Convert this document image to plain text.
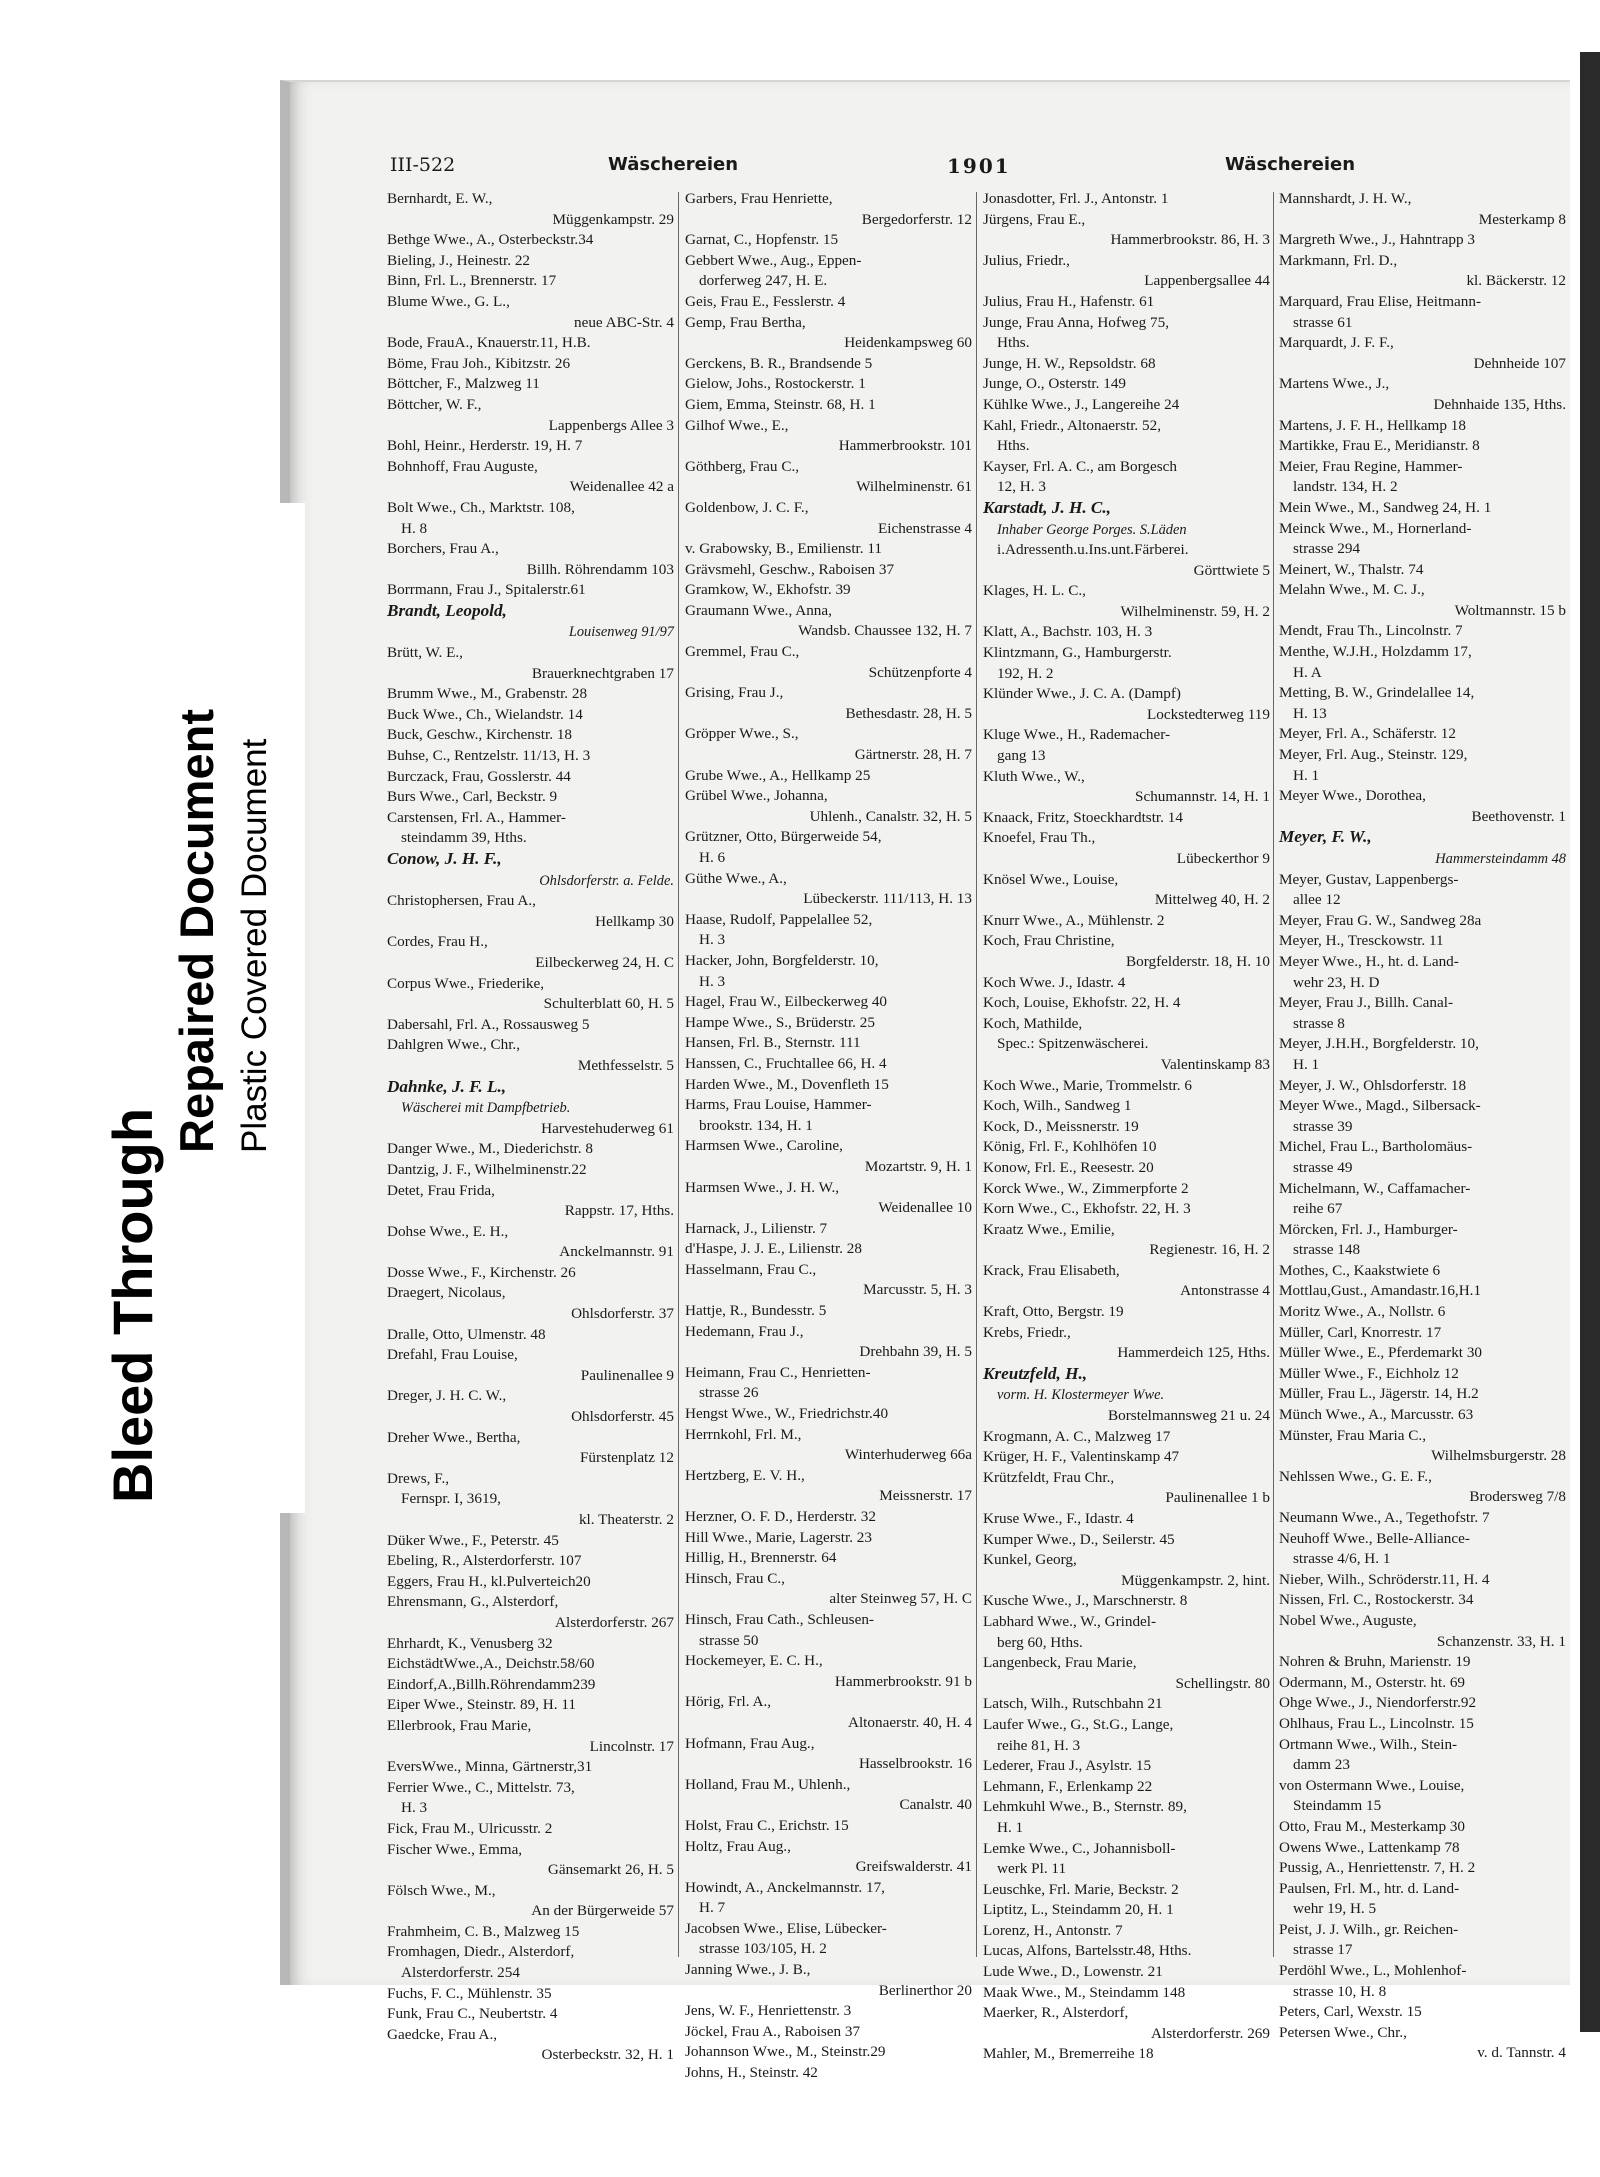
III-522	Wäschereien	1901	Wäschereien
Bernhardt, E. W.,
Müggenkampstr. 29
Bethge Wwe., A., Osterbeckstr.34
Bieling, J., Heinestr. 22
Binn, Frl. L., Brennerstr. 17
Blume Wwe., G. L.,
neue ABC-Str. 4
Bode, FrauA., Knauerstr.11, H.B.
Böme, Frau Joh., Kibitzstr. 26
Böttcher, F., Malzweg 11
Böttcher, W. F.,
Lappenbergs Allee 3
Bohl, Heinr., Herderstr. 19, H. 7
Bohnhoff, Frau Auguste,
Weidenallee 42 a
Bolt Wwe., Ch., Marktstr. 108,
H. 8
Borchers, Frau A.,
Billh. Röhrendamm 103
Borrmann, Frau J., Spitalerstr.61
Brandt, Leopold,
Louisenweg 91/97
Brütt, W. E.,
Brauerknechtgraben 17
Brumm Wwe., M., Grabenstr. 28
Buck Wwe., Ch., Wielandstr. 14
Buck, Geschw., Kirchenstr. 18
Buhse, C., Rentzelstr. 11/13, H. 3
Burczack, Frau, Gosslerstr. 44
Burs Wwe., Carl, Beckstr. 9
Carstensen, Frl. A., Hammer-
steindamm 39, Hths.
Conow, J. H. F.,
Ohlsdorferstr. a. Felde.
Christophersen, Frau A.,
Hellkamp 30
Cordes, Frau H.,
Eilbeckerweg 24, H. C
Corpus Wwe., Friederike,
Schulterblatt 60, H. 5
Dabersahl, Frl. A., Rossausweg 5
Dahlgren Wwe., Chr.,
Methfesselstr. 5
Dahnke, J. F. L.,
Wäscherei mit Dampfbetrieb.
Harvestehuderweg 61
Danger Wwe., M., Diederichstr. 8
Dantzig, J. F., Wilhelminenstr.22
Detet, Frau Frida,
Rappstr. 17, Hths.
Dohse Wwe., E. H.,
Anckelmannstr. 91
Dosse Wwe., F., Kirchenstr. 26
Draegert, Nicolaus,
Ohlsdorferstr. 37
Dralle, Otto, Ulmenstr. 48
Drefahl, Frau Louise,
Paulinenallee 9
Dreger, J. H. C. W.,
Ohlsdorferstr. 45
Dreher Wwe., Bertha,
Fürstenplatz 12
Drews, F.,
Fernspr. I, 3619,
kl. Theaterstr. 2
Düker Wwe., F., Peterstr. 45
Ebeling, R., Alsterdorferstr. 107
Eggers, Frau H., kl.Pulverteich20
Ehrensmann, G., Alsterdorf,
Alsterdorferstr. 267
Ehrhardt, K., Venusberg 32
EichstädtWwe.,A., Deichstr.58/60
Eindorf,A.,Billh.Röhrendamm239
Eiper Wwe., Steinstr. 89, H. 11
Ellerbrook, Frau Marie,
Lincolnstr. 17
EversWwe., Minna, Gärtnerstr,31
Ferrier Wwe., C., Mittelstr. 73,
H. 3
Fick, Frau M., Ulricusstr. 2
Fischer Wwe., Emma,
Gänsemarkt 26, H. 5
Fölsch Wwe., M.,
An der Bürgerweide 57
Frahmheim, C. B., Malzweg 15
Fromhagen, Diedr., Alsterdorf,
Alsterdorferstr. 254
Fuchs, F. C., Mühlenstr. 35
Funk, Frau C., Neubertstr. 4
Gaedcke, Frau A.,
Osterbeckstr. 32, H. 1
Garbers, Frau Henriette,
Bergedorferstr. 12
Garnat, C., Hopfenstr. 15
Gebbert Wwe., Aug., Eppen-
dorferweg 247, H. E.
Geis, Frau E., Fesslerstr. 4
Gemp, Frau Bertha,
Heidenkampsweg 60
Gerckens, B. R., Brandsende 5
Gielow, Johs., Rostockerstr. 1
Giem, Emma, Steinstr. 68, H. 1
Gilhof Wwe., E.,
Hammerbrookstr. 101
Göthberg, Frau C.,
Wilhelminenstr. 61
Goldenbow, J. C. F.,
Eichenstrasse 4
v. Grabowsky, B., Emilienstr. 11
Grävsmehl, Geschw., Raboisen 37
Gramkow, W., Ekhofstr. 39
Graumann Wwe., Anna,
Wandsb. Chaussee 132, H. 7
Gremmel, Frau C.,
Schützenpforte 4
Grising, Frau J.,
Bethesdastr. 28, H. 5
Gröpper Wwe., S.,
Gärtnerstr. 28, H. 7
Grube Wwe., A., Hellkamp 25
Grübel Wwe., Johanna,
Uhlenh., Canalstr. 32, H. 5
Grützner, Otto, Bürgerweide 54,
H. 6
Güthe Wwe., A.,
Lübeckerstr. 111/113, H. 13
Haase, Rudolf, Pappelallee 52,
H. 3
Hacker, John, Borgfelderstr. 10,
H. 3
Hagel, Frau W., Eilbeckerweg 40
Hampe Wwe., S., Brüderstr. 25
Hansen, Frl. B., Sternstr. 111
Hanssen, C., Fruchtallee 66, H. 4
Harden Wwe., M., Dovenfleth 15
Harms, Frau Louise, Hammer-
brookstr. 134, H. 1
Harmsen Wwe., Caroline,
Mozartstr. 9, H. 1
Harmsen Wwe., J. H. W.,
Weidenallee 10
Harnack, J., Lilienstr. 7
d'Haspe, J. J. E., Lilienstr. 28
Hasselmann, Frau C.,
Marcusstr. 5, H. 3
Hattje, R., Bundesstr. 5
Hedemann, Frau J.,
Drehbahn 39, H. 5
Heimann, Frau C., Henrietten-
strasse 26
Hengst Wwe., W., Friedrichstr.40
Herrnkohl, Frl. M.,
Winterhuderweg 66a
Hertzberg, E. V. H.,
Meissnerstr. 17
Herzner, O. F. D., Herderstr. 32
Hill Wwe., Marie, Lagerstr. 23
Hillig, H., Brennerstr. 64
Hinsch, Frau C.,
alter Steinweg 57, H. C
Hinsch, Frau Cath., Schleusen-
strasse 50
Hockemeyer, E. C. H.,
Hammerbrookstr. 91 b
Hörig, Frl. A.,
Altonaerstr. 40, H. 4
Hofmann, Frau Aug.,
Hasselbrookstr. 16
Holland, Frau M., Uhlenh.,
Canalstr. 40
Holst, Frau C., Erichstr. 15
Holtz, Frau Aug.,
Greifswalderstr. 41
Howindt, A., Anckelmannstr. 17,
H. 7
Jacobsen Wwe., Elise, Lübecker-
strasse 103/105, H. 2
Janning Wwe., J. B.,
Berlinerthor 20
Jens, W. F., Henriettenstr. 3
Jöckel, Frau A., Raboisen 37
Johannson Wwe., M., Steinstr.29
Johns, H., Steinstr. 42
Jonasdotter, Frl. J., Antonstr. 1
Jürgens, Frau E.,
Hammerbrookstr. 86, H. 3
Julius, Friedr.,
Lappenbergsallee 44
Julius, Frau H., Hafenstr. 61
Junge, Frau Anna, Hofweg 75,
Hths.
Junge, H. W., Repsoldstr. 68
Junge, O., Osterstr. 149
Kühlke Wwe., J., Langereihe 24
Kahl, Friedr., Altonaerstr. 52,
Hths.
Kayser, Frl. A. C., am Borgesch
12, H. 3
Karstadt, J. H. C.,
Inhaber George Porges. S.Läden
i.Adressenth.u.Ins.unt.Färberei.
Görttwiete 5
Klages, H. L. C.,
Wilhelminenstr. 59, H. 2
Klatt, A., Bachstr. 103, H. 3
Klintzmann, G., Hamburgerstr.
192, H. 2
Klünder Wwe., J. C. A. (Dampf)
Lockstedterweg 119
Kluge Wwe., H., Rademacher-
gang 13
Kluth Wwe., W.,
Schumannstr. 14, H. 1
Knaack, Fritz, Stoeckhardtstr. 14
Knoefel, Frau Th.,
Lübeckerthor 9
Knösel Wwe., Louise,
Mittelweg 40, H. 2
Knurr Wwe., A., Mühlenstr. 2
Koch, Frau Christine,
Borgfelderstr. 18, H. 10
Koch Wwe. J., Idastr. 4
Koch, Louise, Ekhofstr. 22, H. 4
Koch, Mathilde,
Spec.: Spitzenwäscherei.
Valentinskamp 83
Koch Wwe., Marie, Trommelstr. 6
Koch, Wilh., Sandweg 1
Kock, D., Meissnerstr. 19
König, Frl. F., Kohlhöfen 10
Konow, Frl. E., Reesestr. 20
Korck Wwe., W., Zimmerpforte 2
Korn Wwe., C., Ekhofstr. 22, H. 3
Kraatz Wwe., Emilie,
Regienestr. 16, H. 2
Krack, Frau Elisabeth,
Antonstrasse 4
Kraft, Otto, Bergstr. 19
Krebs, Friedr.,
Hammerdeich 125, Hths.
Kreutzfeld, H.,
vorm. H. Klostermeyer Wwe.
Borstelmannsweg 21 u. 24
Krogmann, A. C., Malzweg 17
Krüger, H. F., Valentinskamp 47
Krützfeldt, Frau Chr.,
Paulinenallee 1 b
Kruse Wwe., F., Idastr. 4
Kumper Wwe., D., Seilerstr. 45
Kunkel, Georg,
Müggenkampstr. 2, hint.
Kusche Wwe., J., Marschnerstr. 8
Labhard Wwe., W., Grindel-
berg 60, Hths.
Langenbeck, Frau Marie,
Schellingstr. 80
Latsch, Wilh., Rutschbahn 21
Laufer Wwe., G., St.G., Lange,
reihe 81, H. 3
Lederer, Frau J., Asylstr. 15
Lehmann, F., Erlenkamp 22
Lehmkuhl Wwe., B., Sternstr. 89,
H. 1
Lemke Wwe., C., Johannisboll-
werk Pl. 11
Leuschke, Frl. Marie, Beckstr. 2
Liptitz, L., Steindamm 20, H. 1
Lorenz, H., Antonstr. 7
Lucas, Alfons, Bartelsstr.48, Hths.
Lude Wwe., D., Lowenstr. 21
Maak Wwe., M., Steindamm 148
Maerker, R., Alsterdorf,
Alsterdorferstr. 269
Mahler, M., Bremerreihe 18
Mannshardt, J. H. W.,
Mesterkamp 8
Margreth Wwe., J., Hahntrapp 3
Markmann, Frl. D.,
kl. Bäckerstr. 12
Marquard, Frau Elise, Heitmann-
strasse 61
Marquardt, J. F. F.,
Dehnheide 107
Martens Wwe., J.,
Dehnhaide 135, Hths.
Martens, J. F. H., Hellkamp 18
Martikke, Frau E., Meridianstr. 8
Meier, Frau Regine, Hammer-
landstr. 134, H. 2
Mein Wwe., M., Sandweg 24, H. 1
Meinck Wwe., M., Hornerland-
strasse 294
Meinert, W., Thalstr. 74
Melahn Wwe., M. C. J.,
Woltmannstr. 15 b
Mendt, Frau Th., Lincolnstr. 7
Menthe, W.J.H., Holzdamm 17,
H. A
Metting, B. W., Grindelallee 14,
H. 13
Meyer, Frl. A., Schäferstr. 12
Meyer, Frl. Aug., Steinstr. 129,
H. 1
Meyer Wwe., Dorothea,
Beethovenstr. 1
Meyer, F. W.,
Hammersteindamm 48
Meyer, Gustav, Lappenbergs-
allee 12
Meyer, Frau G. W., Sandweg 28a
Meyer, H., Tresckowstr. 11
Meyer Wwe., H., ht. d. Land-
wehr 23, H. D
Meyer, Frau J., Billh. Canal-
strasse 8
Meyer, J.H.H., Borgfelderstr. 10,
H. 1
Meyer, J. W., Ohlsdorferstr. 18
Meyer Wwe., Magd., Silbersack-
strasse 39
Michel, Frau L., Bartholomäus-
strasse 49
Michelmann, W., Caffamacher-
reihe 67
Mörcken, Frl. J., Hamburger-
strasse 148
Mothes, C., Kaakstwiete 6
Mottlau,Gust., Amandastr.16,H.1
Moritz Wwe., A., Nollstr. 6
Müller, Carl, Knorrestr. 17
Müller Wwe., E., Pferdemarkt 30
Müller Wwe., F., Eichholz 12
Müller, Frau L., Jägerstr. 14, H.2
Münch Wwe., A., Marcusstr. 63
Münster, Frau Maria C.,
Wilhelmsburgerstr. 28
Nehlssen Wwe., G. E. F.,
Brodersweg 7/8
Neumann Wwe., A., Tegethofstr. 7
Neuhoff Wwe., Belle-Alliance-
strasse 4/6, H. 1
Nieber, Wilh., Schröderstr.11, H. 4
Nissen, Frl. C., Rostockerstr. 34
Nobel Wwe., Auguste,
Schanzenstr. 33, H. 1
Nohren & Bruhn, Marienstr. 19
Odermann, M., Osterstr. ht. 69
Ohge Wwe., J., Niendorferstr.92
Ohlhaus, Frau L., Lincolnstr. 15
Ortmann Wwe., Wilh., Stein-
damm 23
von Ostermann Wwe., Louise,
Steindamm 15
Otto, Frau M., Mesterkamp 30
Owens Wwe., Lattenkamp 78
Pussig, A., Henriettenstr. 7, H. 2
Paulsen, Frl. M., htr. d. Land-
wehr 19, H. 5
Peist, J. J. Wilh., gr. Reichen-
strasse 17
Perdöhl Wwe., L., Mohlenhof-
strasse 10, H. 8
Peters, Carl, Wexstr. 15
Petersen Wwe., Chr.,
v. d. Tannstr. 4
Bleed Through
Repaired Document Plastic Covered Document
